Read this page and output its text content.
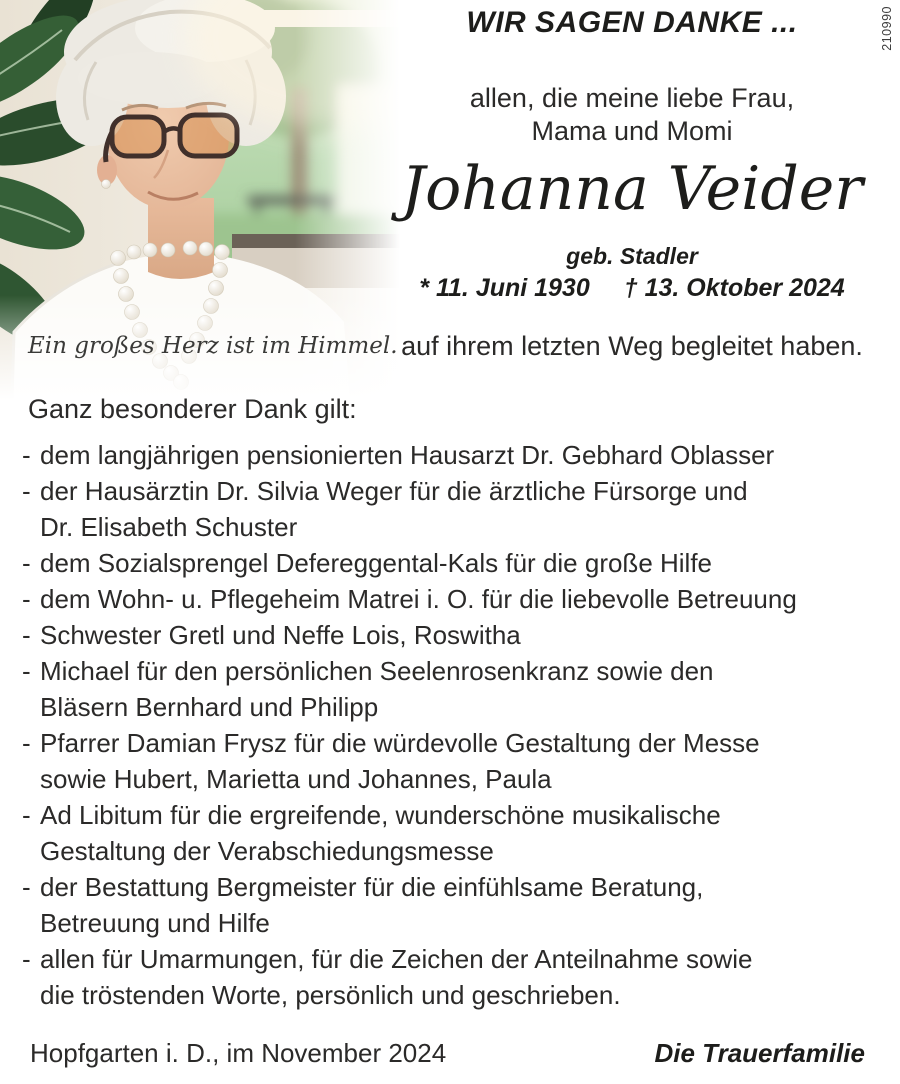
Ein großes Herz ist im Himmel.
210990
WIR SAGEN DANKE ...
allen, die meine liebe Frau,
Mama und Momi
Johanna Veider
geb. Stadler
* 11. Juni 1930 † 13. Oktober 2024
auf ihrem letzten Weg begleitet haben.
Ganz besonderer Dank gilt:
- dem langjährigen pensionierten Hausarzt Dr. Gebhard Oblasser
- der Hausärztin Dr. Silvia Weger für die ärztliche Fürsorge und
Dr. Elisabeth Schuster
- dem Sozialsprengel Defereggental-Kals für die große Hilfe
- dem Wohn- u. Pflegeheim Matrei i. O. für die liebevolle Betreuung
- Schwester Gretl und Neffe Lois, Roswitha
- Michael für den persönlichen Seelenrosenkranz sowie den
Bläsern Bernhard und Philipp
- Pfarrer Damian Frysz für die würdevolle Gestaltung der Messe
sowie Hubert, Marietta und Johannes, Paula
- Ad Libitum für die ergreifende, wunderschöne musikalische
Gestaltung der Verabschiedungsmesse
- der Bestattung Bergmeister für die einfühlsame Beratung,
Betreuung und Hilfe
- allen für Umarmungen, für die Zeichen der Anteilnahme sowie
die tröstenden Worte, persönlich und geschrieben.
Hopfgarten i. D., im November 2024	Die Trauerfamilie
